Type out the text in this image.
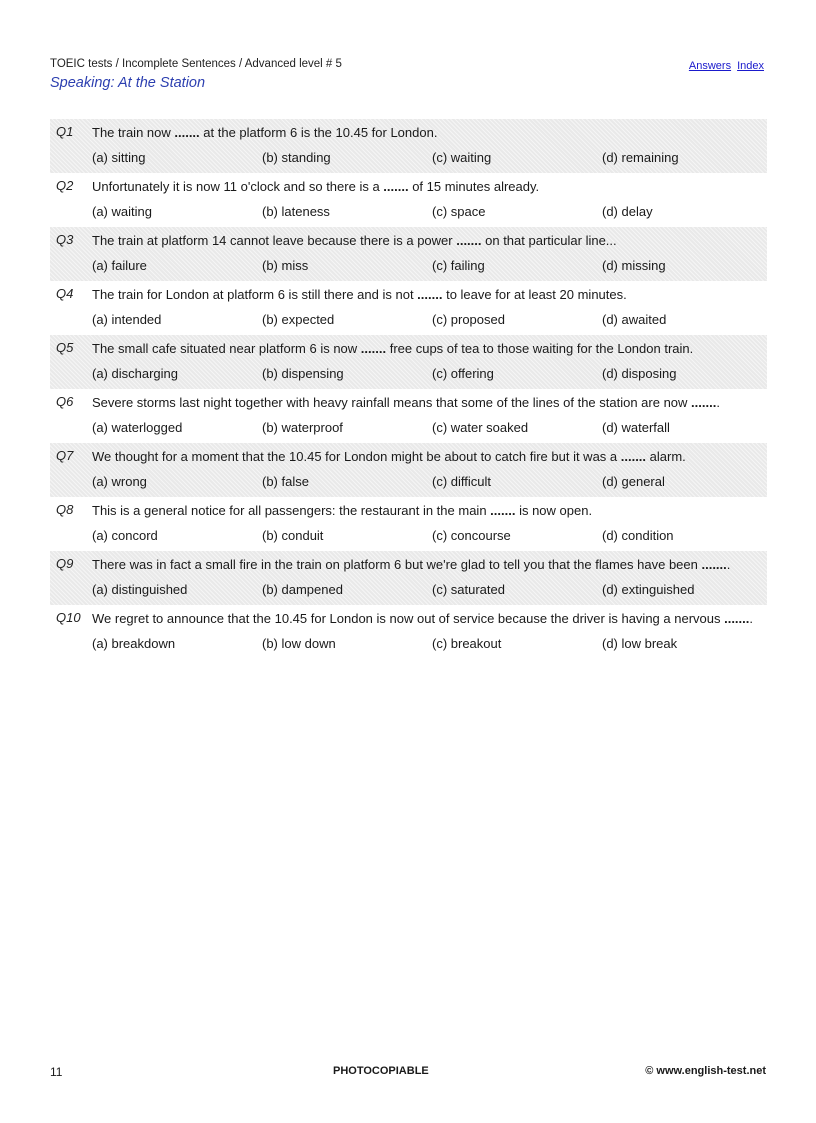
TOEIC tests / Incomplete Sentences / Advanced level # 5
Speaking: At the Station
Answers Index
Q1 The train now ....... at the platform 6 is the 10.45 for London.
(a) sitting	(b) standing	(c) waiting	(d) remaining
Q2 Unfortunately it is now 11 o'clock and so there is a ....... of 15 minutes already.
(a) waiting	(b) lateness	(c) space	(d) delay
Q3 The train at platform 14 cannot leave because there is a power ....... on that particular line...
(a) failure	(b) miss	(c) failing	(d) missing
Q4 The train for London at platform 6 is still there and is not ....... to leave for at least 20 minutes.
(a) intended	(b) expected	(c) proposed	(d) awaited
Q5 The small cafe situated near platform 6 is now ....... free cups of tea to those waiting for the London train.
(a) discharging	(b) dispensing	(c) offering	(d) disposing
Q6 Severe storms last night together with heavy rainfall means that some of the lines of the station are now ........
(a) waterlogged	(b) waterproof	(c) water soaked	(d) waterfall
Q7 We thought for a moment that the 10.45 for London might be about to catch fire but it was a ....... alarm.
(a) wrong	(b) false	(c) difficult	(d) general
Q8 This is a general notice for all passengers: the restaurant in the main ....... is now open.
(a) concord	(b) conduit	(c) concourse	(d) condition
Q9 There was in fact a small fire in the train on platform 6 but we're glad to tell you that the flames have been ........
(a) distinguished	(b) dampened	(c) saturated	(d) extinguished
Q10 We regret to announce that the 10.45 for London is now out of service because the driver is having a nervous ........
(a) breakdown	(b) low down	(c) breakout	(d) low break
11	PHOTOCOPIABLE	© www.english-test.net
